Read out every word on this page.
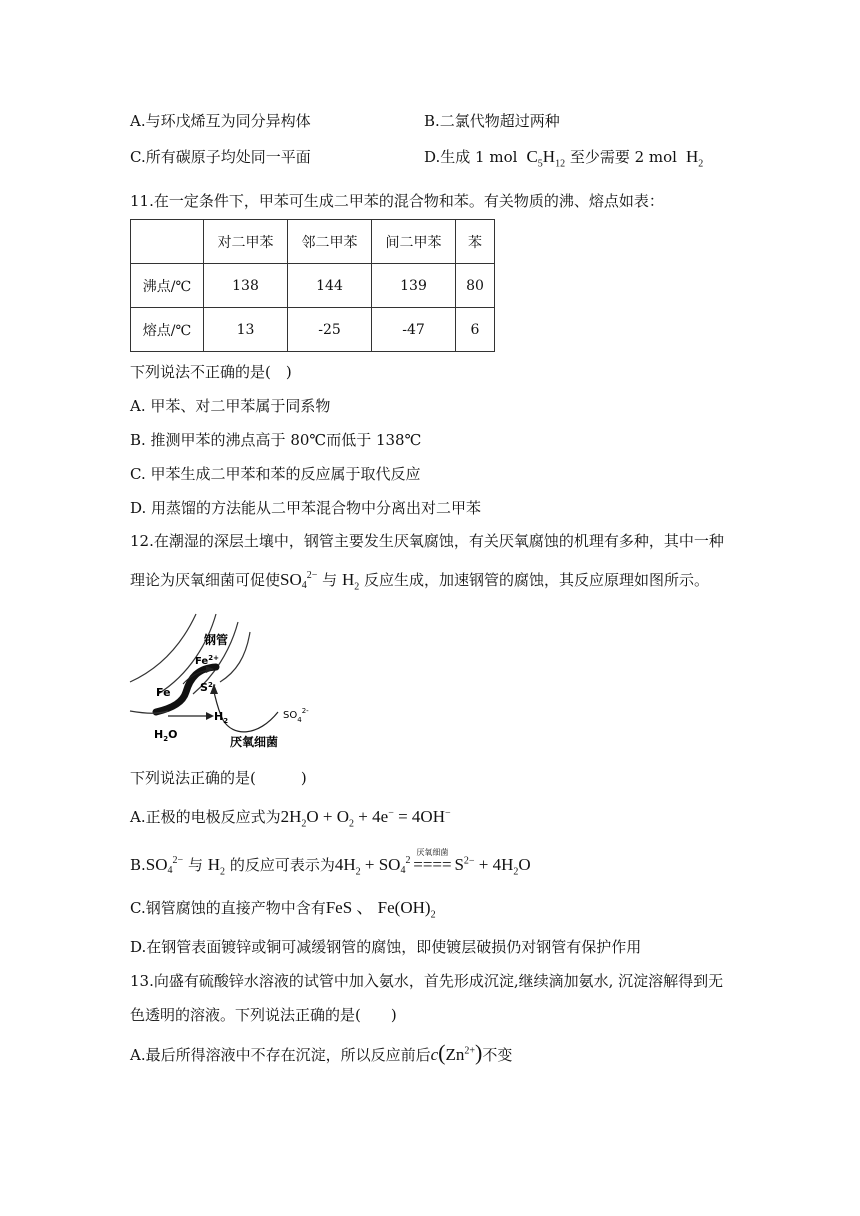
A.与环戊烯互为同分异构体	B.二氯代物超过两种
C.所有碳原子均处同一平面	D.生成 1 mol  $C_5H_{12}$ 至少需要 2 mol  $H_2$
11.在一定条件下，甲苯可生成二甲苯的混合物和苯。有关物质的沸、熔点如表：
	对二甲苯	邻二甲苯	间二甲苯	苯
沸点/℃	138	144	139	80
熔点/℃	13	-25	-47	6
下列说法不正确的是(　)
A. 甲苯、对二甲苯属于同系物
B. 推测甲苯的沸点高于 80℃而低于 138℃
C. 甲苯生成二甲苯和苯的反应属于取代反应
D. 用蒸馏的方法能从二甲苯混合物中分离出对二甲苯
12.在潮湿的深层土壤中，钢管主要发生厌氧腐蚀，有关厌氧腐蚀的机理有多种，其中一种
理论为厌氧细菌可促使$SO_4^{2-}$ 与 $H_2$ 反应生成，加速钢管的腐蚀，其反应原理如图所示。
钢管
$Fe^{2+}$
$S^{2-}$
Fe
$H_2$
$H_2O$
$SO_4^{2-}$
厌氧细菌
下列说法正确的是(　　　)
A.正极的电极反应式为$2H_2O + O_2 + 4e^- = 4OH^-$
$B.SO_4^{2-}$ 与 $H_2$ 的反应可表示为$4H_2 + SO_4^2$
厌氧细菌
==== $S^{2-} + 4H_2O$
C.钢管腐蚀的直接产物中含有FeS 、 $Fe(OH)_2$
D.在钢管表面镀锌或铜可减缓钢管的腐蚀，即使镀层破损仍对钢管有保护作用
13.向盛有硫酸锌水溶液的试管中加入氨水，首先形成沉淀,继续滴加氨水, 沉淀溶解得到无
色透明的溶液。下列说法正确的是(　　)
A.最后所得溶液中不存在沉淀，所以反应前后$c(Zn^{2+})$不变
